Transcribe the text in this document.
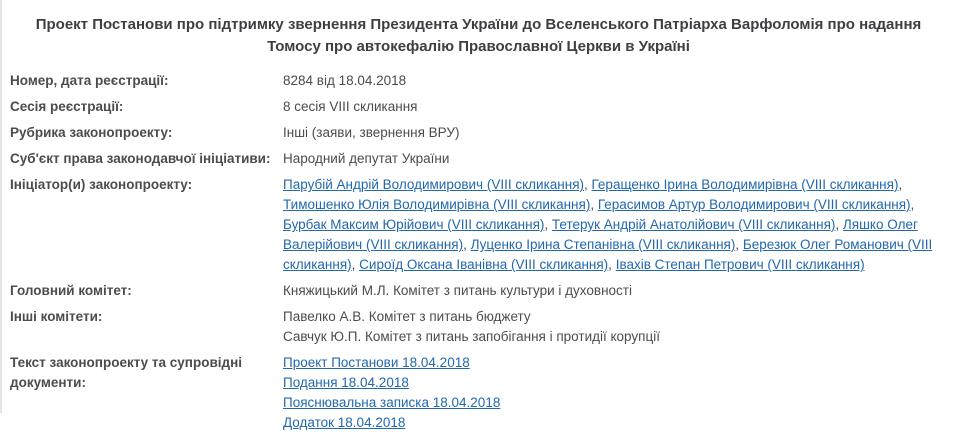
Проект Постанови про підтримку звернення Президента України до Вселенського Патріарха Варфоломія про надання Томосу про автокефалію Православної Церкви в Україні
Номер, дата реєстрації:	8284 від 18.04.2018
Сесія реєстрації:	8 сесія VIII скликання
Рубрика законопроекту:	Інші (заяви, звернення ВРУ)
Суб'єкт права законодавчої ініціативи: Народний депутат України
Ініціатор(и) законопроекту:	Парубій Андрій Володимирович (VIII скликання), Геращенко Ірина Володимирівна (VIII скликання), Тимошенко Юлія Володимирівна (VIII скликання), Герасимов Артур Володимирович (VIII скликання), Бурбак Максим Юрійович (VIII скликання), Тетерук Андрій Анатолійович (VIII скликання), Ляшко Олег Валерійович (VIII скликання), Луценко Ірина Степанівна (VIII скликання), Березюк Олег Романович (VIII скликання), Сироїд Оксана Іванівна (VIII скликання), Івахів Степан Петрович (VIII скликання)
Головний комітет:	Княжицький М.Л. Комітет з питань культури і духовності
Інші комітети:	Павелко А.В. Комітет з питань бюджету
Савчук Ю.П. Комітет з питань запобігання і протидії корупції
Текст законопроекту та супровідні документи:
Проект Постанови 18.04.2018
Подання 18.04.2018
Пояснювальна записка 18.04.2018
Додаток 18.04.2018
